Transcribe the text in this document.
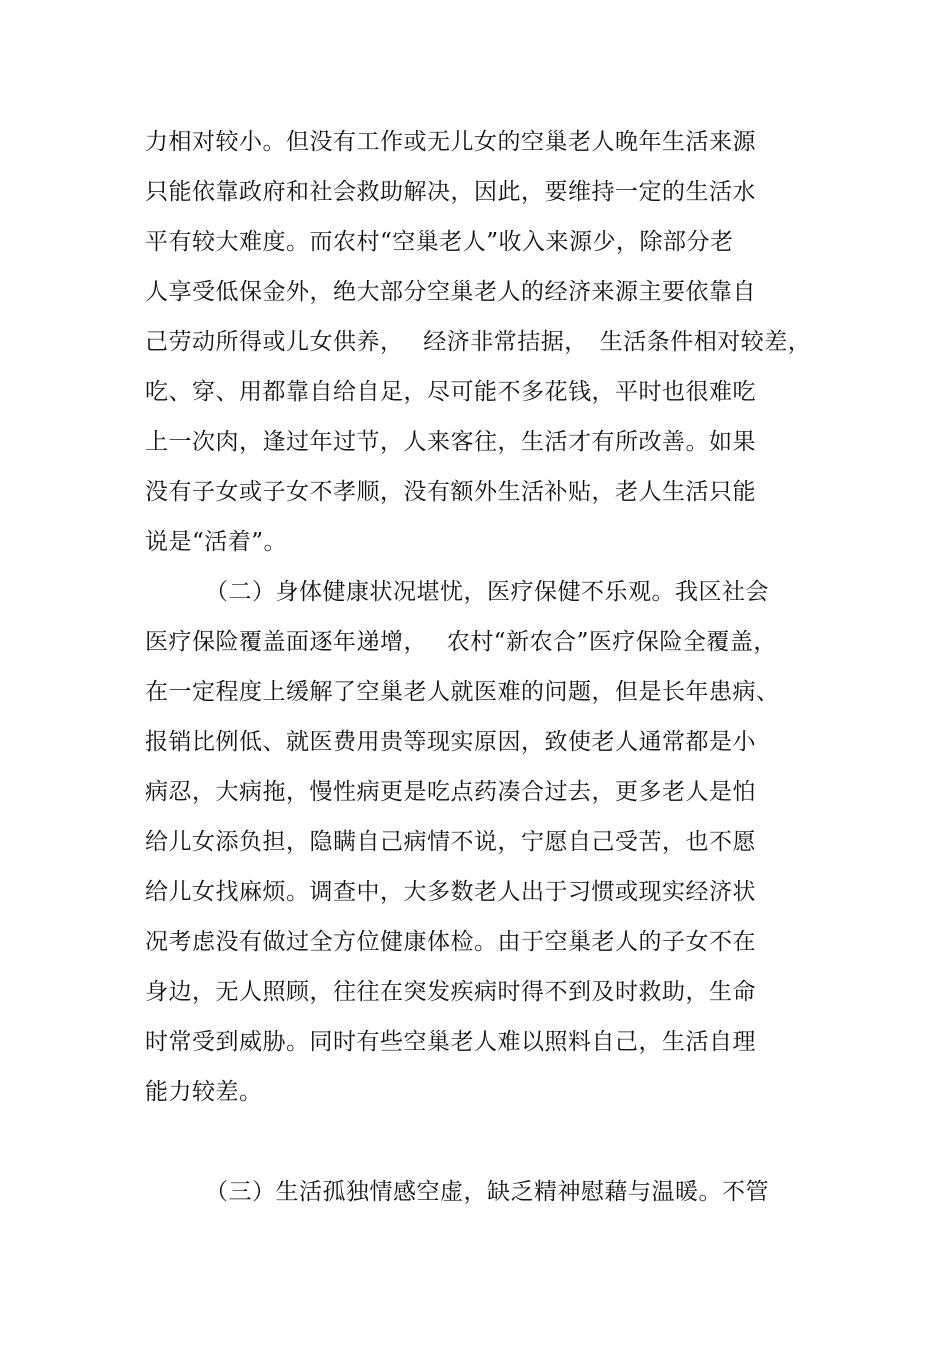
力相对较小。但没有工作或无儿女的空巢老人晚年生活来源
只能依靠政府和社会救助解决，因此，要维持一定的生活水
平有较大难度。而农村“空巢老人”收入来源少，除部分老
人享受低保金外，绝大部分空巢老人的经济来源主要依靠自
己劳动所得或儿女供养，　 经济非常拮据，　生活条件相对较差，
吃、穿、用都靠自给自足，尽可能不多花钱，平时也很难吃
上一次肉，逢过年过节，人来客往，生活才有所改善。如果
没有子女或子女不孝顺，没有额外生活补贴，老人生活只能
说是“活着”。
（二）身体健康状况堪忧，医疗保健不乐观。我区社会
医疗保险覆盖面逐年递增，　 农村“新农合”医疗保险全覆盖，
在一定程度上缓解了空巢老人就医难的问题，但是长年患病、
报销比例低、就医费用贵等现实原因，致使老人通常都是小
病忍，大病拖，慢性病更是吃点药凑合过去，更多老人是怕
给儿女添负担，隐瞒自己病情不说，宁愿自己受苦，也不愿
给儿女找麻烦。调查中，大多数老人出于习惯或现实经济状
况考虑没有做过全方位健康体检。由于空巢老人的子女不在
身边，无人照顾，往往在突发疾病时得不到及时救助，生命
时常受到威胁。同时有些空巢老人难以照料自己，生活自理
能力较差。
（三）生活孤独情感空虚，缺乏精神慰藉与温暖。不管
